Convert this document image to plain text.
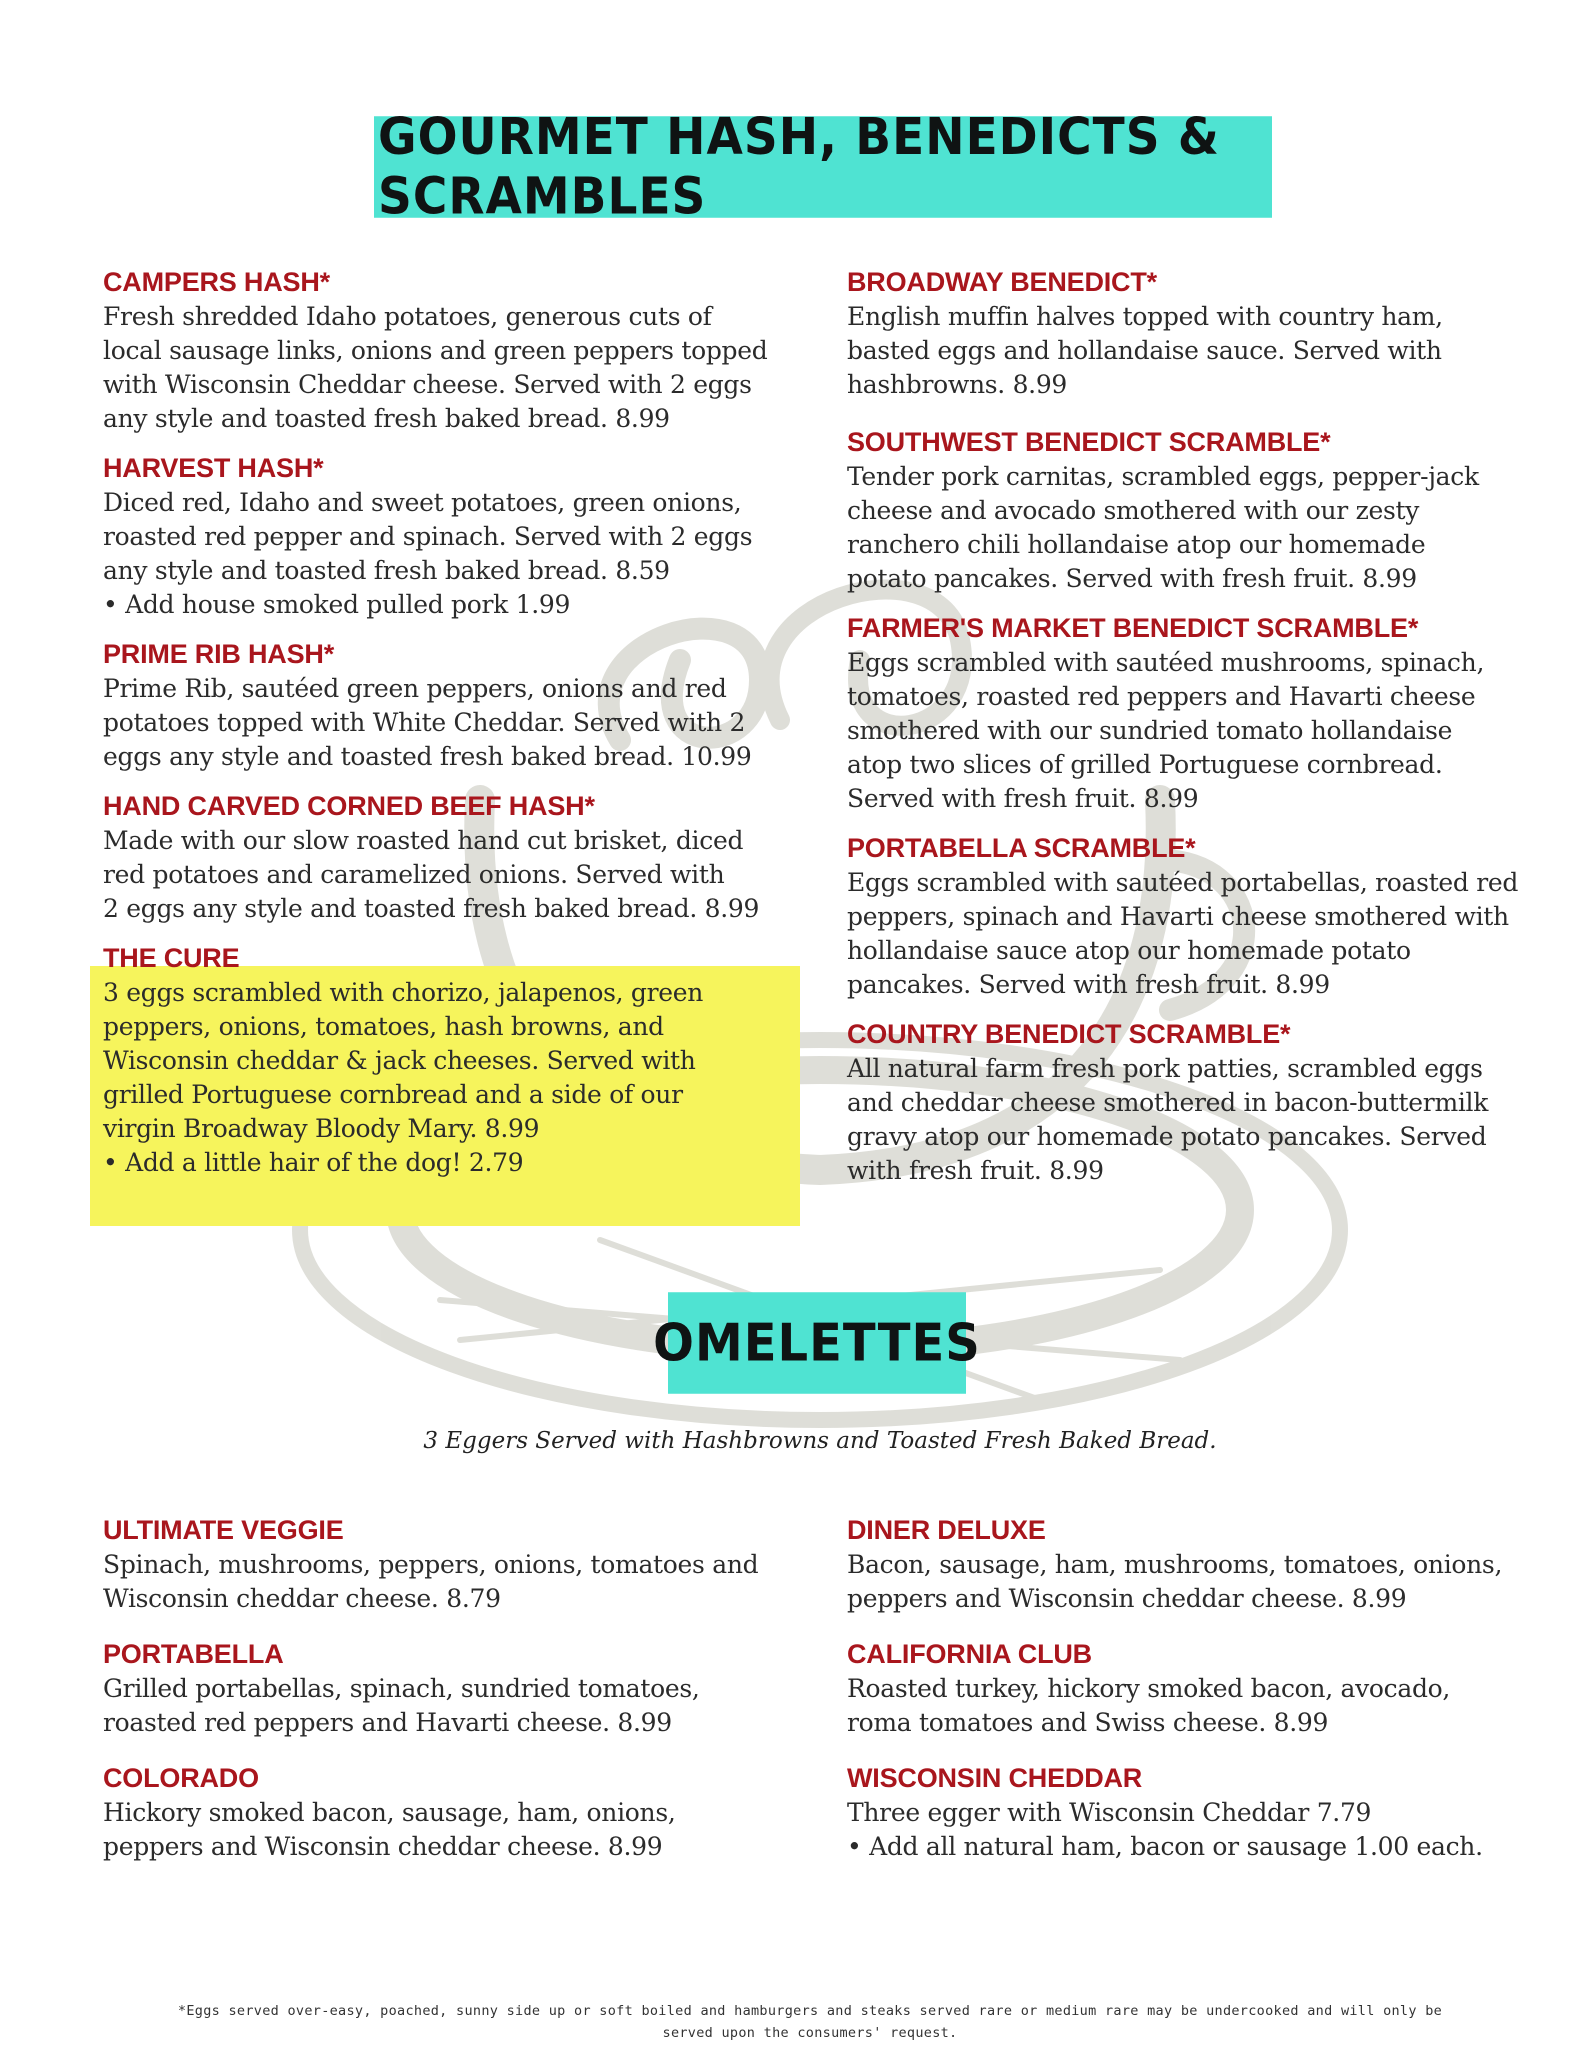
GOURMET HASH, BENEDICTS & SCRAMBLES

CAMPERS HASH*

Fresh shredded Idaho potatoes, generous cuts of

local sausage links, onions and green peppers topped

with Wisconsin Cheddar cheese. Served with 2 eggs

any style and toasted fresh baked bread. 8.99

HARVEST HASH*

Diced red, Idaho and sweet potatoes, green onions,

roasted red pepper and spinach. Served with 2 eggs

any style and toasted fresh baked bread. 8.59

• Add house smoked pulled pork 1.99

PRIME RIB HASH*

Prime Rib, sautéed green peppers, onions and red

potatoes topped with White Cheddar. Served with 2

eggs any style and toasted fresh baked bread. 10.99

HAND CARVED CORNED BEEF HASH*

Made with our slow roasted hand cut brisket, diced

red potatoes and caramelized onions. Served with

2 eggs any style and toasted fresh baked bread. 8.99

THE CURE

3 eggs scrambled with chorizo, jalapenos, green

peppers, onions, tomatoes, hash browns, and

Wisconsin cheddar & jack cheeses. Served with

grilled Portuguese cornbread and a side of our

virgin Broadway Bloody Mary. 8.99

• Add a little hair of the dog! 2.79

BROADWAY BENEDICT*

English muffin halves topped with country ham,

basted eggs and hollandaise sauce. Served with

hashbrowns. 8.99

SOUTHWEST BENEDICT SCRAMBLE*

Tender pork carnitas, scrambled eggs, pepper-jack

cheese and avocado smothered with our zesty

ranchero chili hollandaise atop our homemade

potato pancakes. Served with fresh fruit. 8.99

FARMER'S MARKET BENEDICT SCRAMBLE*

Eggs scrambled with sautéed mushrooms, spinach,

tomatoes, roasted red peppers and Havarti cheese

smothered with our sundried tomato hollandaise

atop two slices of grilled Portuguese cornbread.

Served with fresh fruit. 8.99

PORTABELLA SCRAMBLE*

Eggs scrambled with sautéed portabellas, roasted red

peppers, spinach and Havarti cheese smothered with

hollandaise sauce atop our homemade potato

pancakes. Served with fresh fruit. 8.99

COUNTRY BENEDICT SCRAMBLE*

All natural farm fresh pork patties, scrambled eggs

and cheddar cheese smothered in bacon-buttermilk

gravy atop our homemade potato pancakes. Served

with fresh fruit. 8.99

OMELETTES
3 Eggers Served with Hashbrowns and Toasted Fresh Baked Bread.

ULTIMATE VEGGIE

Spinach, mushrooms, peppers, onions, tomatoes and

Wisconsin cheddar cheese. 8.79

PORTABELLA

Grilled portabellas, spinach, sundried tomatoes,

roasted red peppers and Havarti cheese. 8.99

COLORADO

Hickory smoked bacon, sausage, ham, onions,

peppers and Wisconsin cheddar cheese. 8.99

DINER DELUXE

Bacon, sausage, ham, mushrooms, tomatoes, onions,

peppers and Wisconsin cheddar cheese. 8.99

CALIFORNIA CLUB

Roasted turkey, hickory smoked bacon, avocado,

roma tomatoes and Swiss cheese. 8.99

WISCONSIN CHEDDAR

Three egger with Wisconsin Cheddar 7.79

• Add all natural ham, bacon or sausage 1.00 each.

*Eggs served over-easy, poached, sunny side up or soft boiled and hamburgers and steaks served rare or medium rare may be undercooked and will only be
served upon the consumers' request.
